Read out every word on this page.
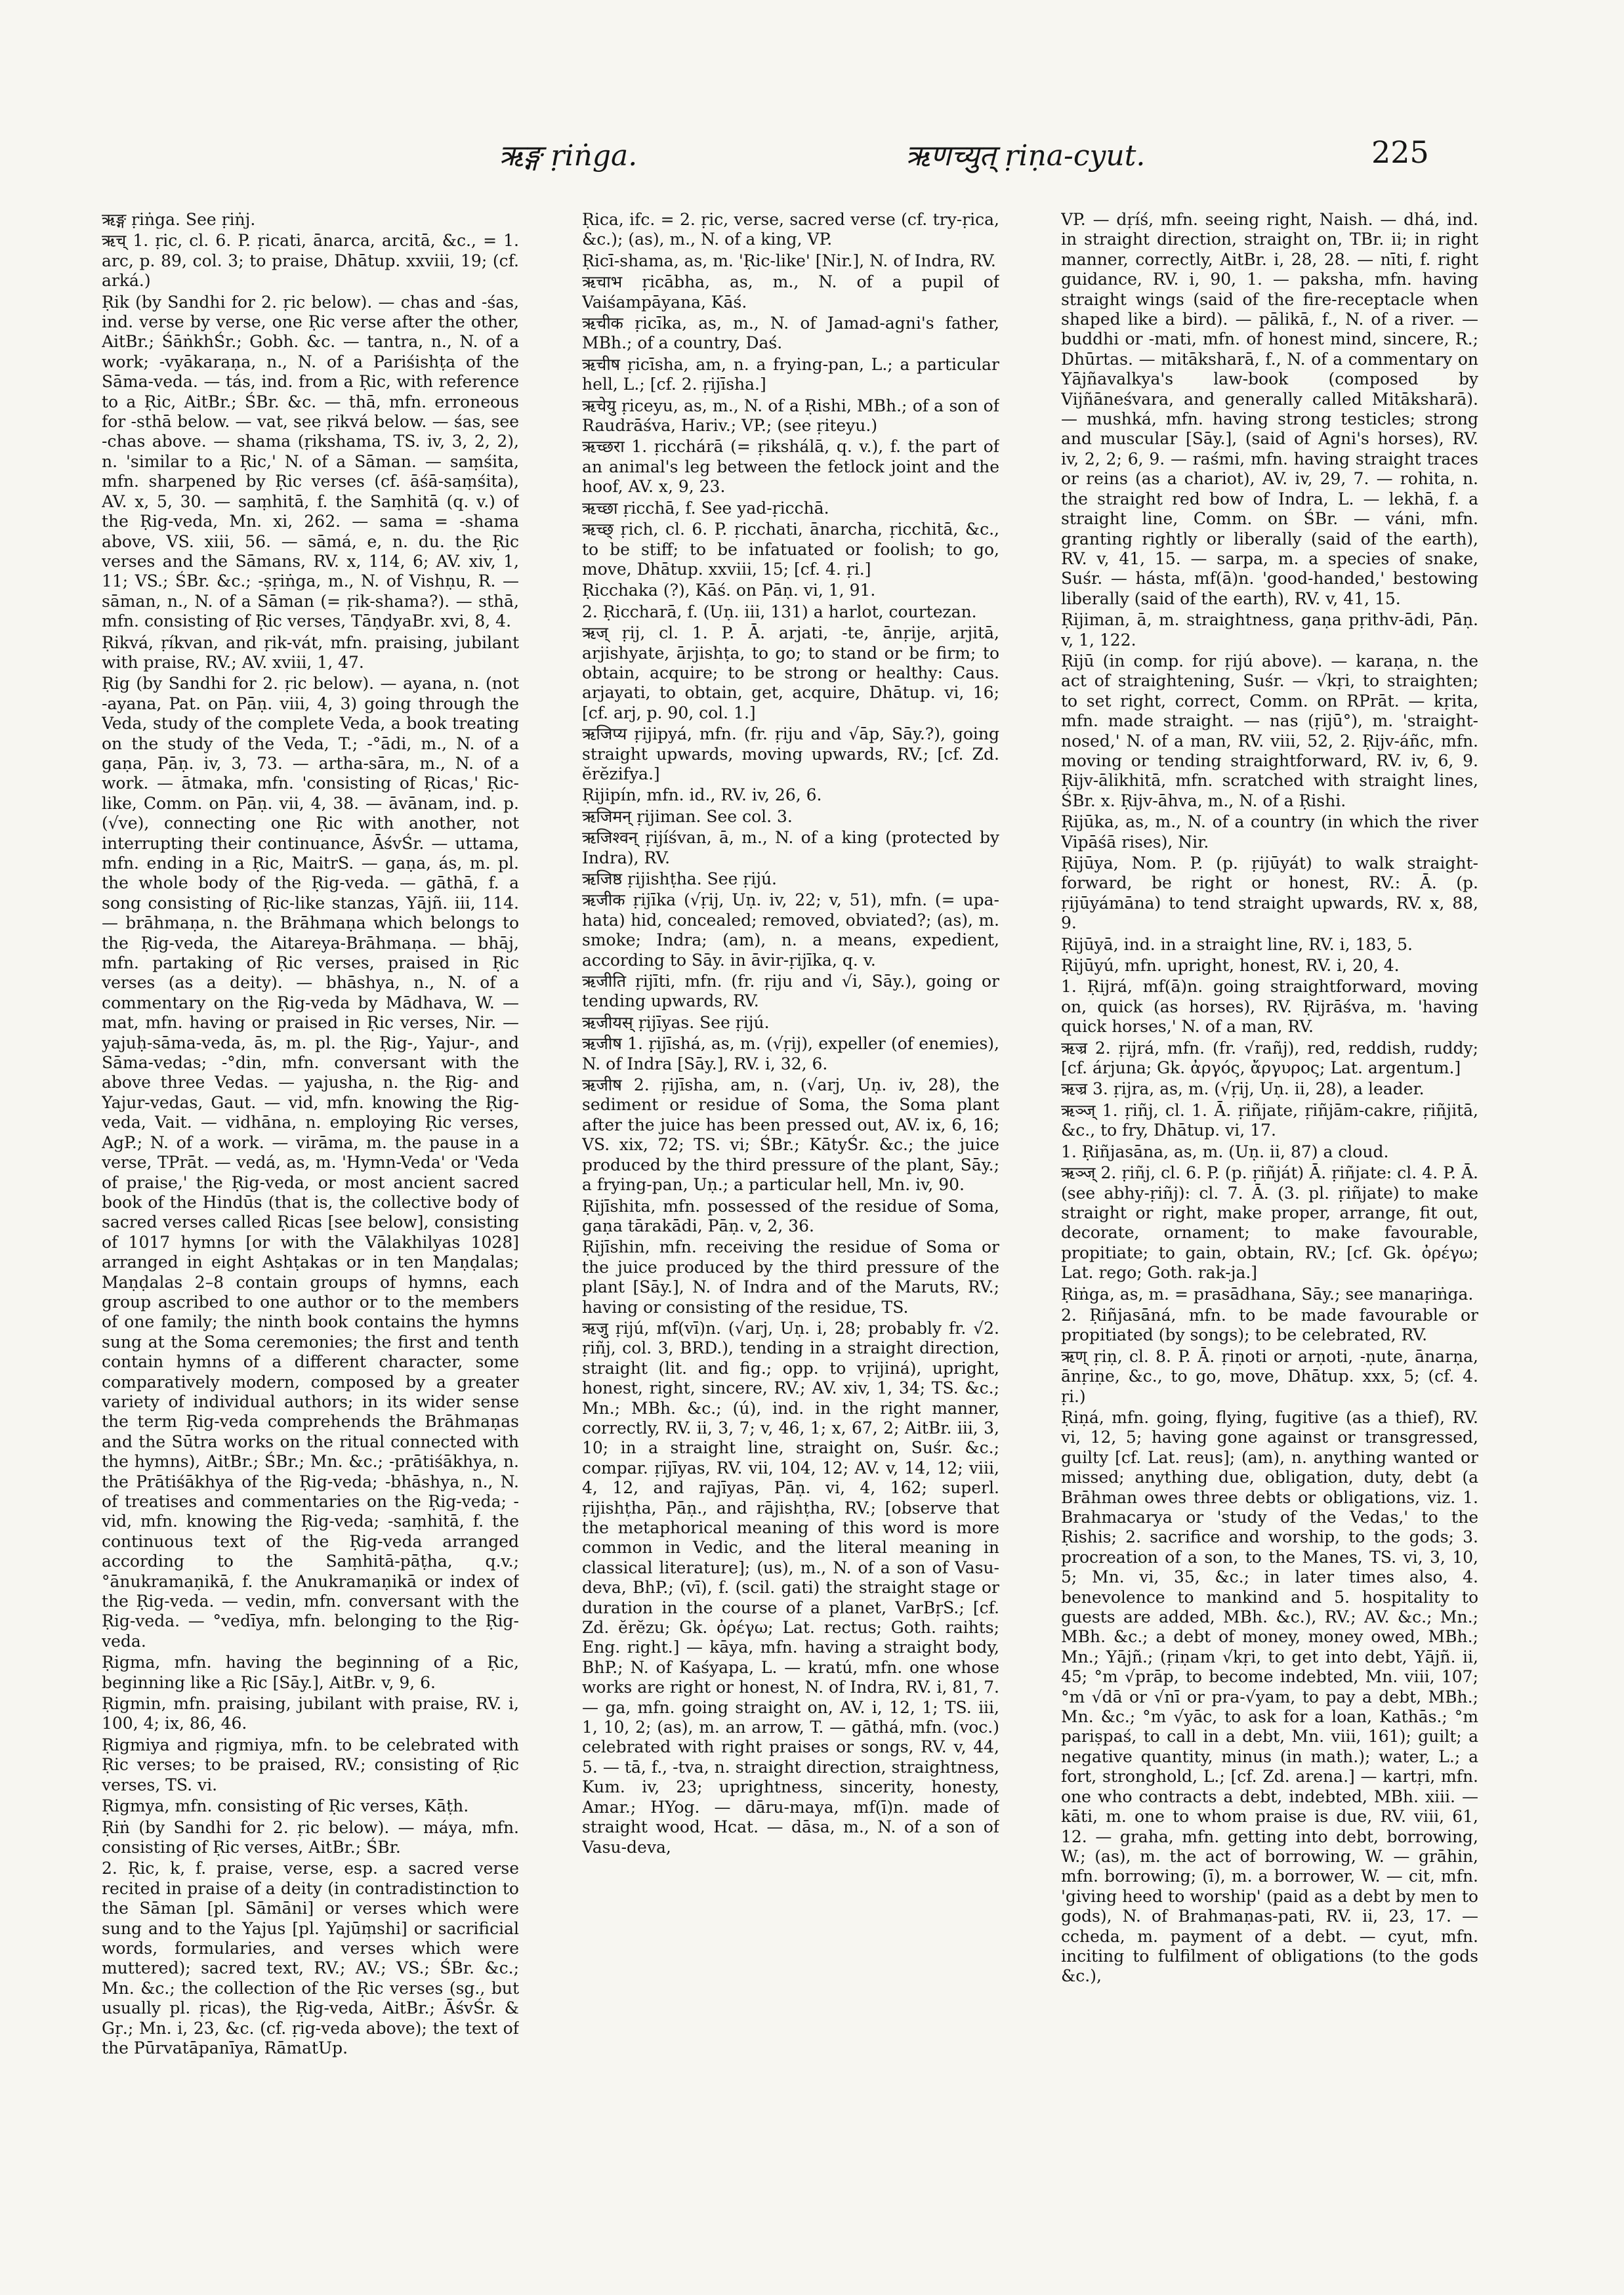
ऋङ्ग ṛiṅga.	ऋणच्युत् ṛiṇa-cyut.	225

ऋङ्ग ṛiṅga. See ṛiṅj.

ऋच् 1. ṛic, cl. 6. P. ṛicati, ānarca, arcitā, &c., = 1. arc, p. 89, col. 3; to praise, Dhātup. xxviii, 19; (cf. arká.)

Ṛik (by Sandhi for 2. ṛic below). — chas and -śas, ind. verse by verse, one Ṛic verse after the other, AitBr.; ŚāṅkhŚr.; Gobh. &c. — tantra, n., N. of a work; -vyākaraṇa, n., N. of a Pariśishṭa of the Sāma-veda. — tás, ind. from a Ṛic, with reference to a Ṛic, AitBr.; ŚBr. &c. — thā, mfn. erroneous for -sthā below. — vat, see ṛikvá below. — śas, see -chas above. — shama (ṛikshama, TS. iv, 3, 2, 2), n. 'similar to a Ṛic,' N. of a Sāman. — saṃśita, mfn. sharpened by Ṛic verses (cf. āśā-saṃśita), AV. x, 5, 30. — saṃhitā, f. the Saṃhitā (q. v.) of the Ṛig-veda, Mn. xi, 262. — sama = -shama above, VS. xiii, 56. — sāmá, e, n. du. the Ṛic verses and the Sāmans, RV. x, 114, 6; AV. xiv, 1, 11; VS.; ŚBr. &c.; -ṣṛiṅga, m., N. of Vishṇu, R. — sāman, n., N. of a Sāman (= ṛik-shama?). — sthā, mfn. consisting of Ṛic verses, TāṇḍyaBr. xvi, 8, 4.

Ṛikvá, ṛíkvan, and ṛik-vát, mfn. praising, jubilant with praise, RV.; AV. xviii, 1, 47.

Ṛig (by Sandhi for 2. ṛic below). — ayana, n. (not -ayana, Pat. on Pāṇ. viii, 4, 3) going through the Veda, study of the complete Veda, a book treating on the study of the Veda, T.; -°ādi, m., N. of a gaṇa, Pāṇ. iv, 3, 73. — artha-sāra, m., N. of a work. — ātmaka, mfn. 'consisting of Ṛicas,' Ṛic-like, Comm. on Pāṇ. vii, 4, 38. — āvānam, ind. p. (√ve), connecting one Ṛic with another, not interrupting their continuance, ĀśvŚr. — uttama, mfn. ending in a Ṛic, MaitrS. — gaṇa, ás, m. pl. the whole body of the Ṛig-veda. — gāthā, f. a song consisting of Ṛic-like stanzas, Yājñ. iii, 114. — brāhmaṇa, n. the Brāhmaṇa which belongs to the Ṛig-veda, the Aitareya-Brāhmaṇa. — bhāj, mfn. partaking of Ṛic verses, praised in Ṛic verses (as a deity). — bhāshya, n., N. of a commentary on the Ṛig-veda by Mādhava, W. — mat, mfn. having or praised in Ṛic verses, Nir. — yajuḥ-sāma-veda, ās, m. pl. the Ṛig-, Yajur-, and Sāma-vedas; -°din, mfn. conversant with the above three Vedas. — yajusha, n. the Ṛig- and Yajur-vedas, Gaut. — vid, mfn. knowing the Ṛig-veda, Vait. — vidhāna, n. employing Ṛic verses, AgP.; N. of a work. — virāma, m. the pause in a verse, TPrāt. — vedá, as, m. 'Hymn-Veda' or 'Veda of praise,' the Ṛig-veda, or most ancient sacred book of the Hindūs (that is, the collective body of sacred verses called Ṛicas [see below], consisting of 1017 hymns [or with the Vālakhilyas 1028] arranged in eight Ashṭakas or in ten Maṇḍalas; Maṇḍalas 2–8 contain groups of hymns, each group ascribed to one author or to the members of one family; the ninth book contains the hymns sung at the Soma ceremonies; the first and tenth contain hymns of a different character, some comparatively modern, composed by a greater variety of individual authors; in its wider sense the term Ṛig-veda comprehends the Brāhmaṇas and the Sūtra works on the ritual connected with the hymns), AitBr.; ŚBr.; Mn. &c.; -prātiśākhya, n. the Prātiśākhya of the Ṛig-veda; -bhāshya, n., N. of treatises and commentaries on the Ṛig-veda; -vid, mfn. knowing the Ṛig-veda; -saṃhitā, f. the continuous text of the Ṛig-veda arranged according to the Saṃhitā-pāṭha, q.v.; °ānukramaṇikā, f. the Anukramaṇikā or index of the Ṛig-veda. — vedin, mfn. conversant with the Ṛig-veda. — °vedīya, mfn. belonging to the Ṛig-veda.

Ṛigma, mfn. having the beginning of a Ṛic, beginning like a Ṛic [Sāy.], AitBr. v, 9, 6.

Ṛigmin, mfn. praising, jubilant with praise, RV. i, 100, 4; ix, 86, 46.

Ṛigmiya and ṛigmiya, mfn. to be celebrated with Ṛic verses; to be praised, RV.; consisting of Ṛic verses, TS. vi.

Ṛigmya, mfn. consisting of Ṛic verses, Kāṭh.

Ṛiṅ (by Sandhi for 2. ṛic below). — máya, mfn. consisting of Ṛic verses, AitBr.; ŚBr.

2. Ṛic, k, f. praise, verse, esp. a sacred verse recited in praise of a deity (in contradistinction to the Sāman [pl. Sāmāni] or verses which were sung and to the Yajus [pl. Yajūṃshi] or sacrificial words, formularies, and verses which were muttered); sacred text, RV.; AV.; VS.; ŚBr. &c.; Mn. &c.; the collection of the Ṛic verses (sg., but usually pl. ṛicas), the Ṛig-veda, AitBr.; ĀśvŚr. & Gṛ.; Mn. i, 23, &c. (cf. ṛig-veda above); the text of the Pūrvatāpanīya, RāmatUp.

Ṛica, ifc. = 2. ṛic, verse, sacred verse (cf. try-ṛica, &c.); (as), m., N. of a king, VP.

Ṛicī-shama, as, m. 'Ṛic-like' [Nir.], N. of Indra, RV.

ऋचाभ ṛicābha, as, m., N. of a pupil of Vaiśampāyana, Kāś.

ऋचीक ṛicīka, as, m., N. of Jamad-agni's father, MBh.; of a country, Daś.

ऋचीष ṛicīsha, am, n. a frying-pan, L.; a particular hell, L.; [cf. 2. ṛijīsha.]

ऋचेयु ṛiceyu, as, m., N. of a Ṛishi, MBh.; of a son of Raudrāśva, Hariv.; VP.; (see ṛiteyu.)

ऋच्छरा 1. ṛicchárā (= ṛikshálā, q. v.), f. the part of an animal's leg between the fetlock joint and the hoof, AV. x, 9, 23.

ऋच्छा ṛicchā, f. See yad-ṛicchā.

ऋच्छ् ṛich, cl. 6. P. ṛicchati, ānarcha, ṛicchitā, &c., to be stiff; to be infatuated or foolish; to go, move, Dhātup. xxviii, 15; [cf. 4. ṛi.]

Ṛicchaka (?), Kāś. on Pāṇ. vi, 1, 91.

2. Ṛiccharā, f. (Uṇ. iii, 131) a harlot, courtezan.

ऋज् ṛij, cl. 1. P. Ā. arjati, -te, ānṛije, arjitā, arjishyate, ārjishṭa, to go; to stand or be firm; to obtain, acquire; to be strong or healthy: Caus. arjayati, to obtain, get, acquire, Dhātup. vi, 16; [cf. arj, p. 90, col. 1.]

ऋजिप्य ṛijipyá, mfn. (fr. ṛiju and √āp, Sāy.?), going straight upwards, moving upwards, RV.; [cf. Zd. ĕrĕzifya.]

Ṛijipín, mfn. id., RV. iv, 26, 6.

ऋजिमन् ṛijiman. See col. 3.

ऋजिश्वन् ṛijíśvan, ā, m., N. of a king (protected by Indra), RV.

ऋजिष्ठ ṛijishṭha. See ṛijú.

ऋजीक ṛijīka (√ṛij, Uṇ. iv, 22; v, 51), mfn. (= upa-hata) hid, concealed; removed, obviated?; (as), m. smoke; Indra; (am), n. a means, expedient, according to Sāy. in āvir-ṛijīka, q. v.

ऋजीति ṛijīti, mfn. (fr. ṛiju and √i, Sāy.), going or tending upwards, RV.

ऋजीयस् ṛijīyas. See ṛijú.

ऋजीष 1. ṛijīshá, as, m. (√ṛij), expeller (of enemies), N. of Indra [Sāy.], RV. i, 32, 6.

ऋजीष 2. ṛijīsha, am, n. (√arj, Uṇ. iv, 28), the sediment or residue of Soma, the Soma plant after the juice has been pressed out, AV. ix, 6, 16; VS. xix, 72; TS. vi; ŚBr.; KātyŚr. &c.; the juice produced by the third pressure of the plant, Sāy.; a frying-pan, Uṇ.; a particular hell, Mn. iv, 90.

Ṛijīshita, mfn. possessed of the residue of Soma, gaṇa tārakādi, Pāṇ. v, 2, 36.

Ṛijīshin, mfn. receiving the residue of Soma or the juice produced by the third pressure of the plant [Sāy.], N. of Indra and of the Maruts, RV.; having or consisting of the residue, TS.

ऋजु ṛijú, mf(vī)n. (√arj, Uṇ. i, 28; probably fr. √2. ṛiñj, col. 3, BRD.), tending in a straight direction, straight (lit. and fig.; opp. to vṛijiná), upright, honest, right, sincere, RV.; AV. xiv, 1, 34; TS. &c.; Mn.; MBh. &c.; (ú), ind. in the right manner, correctly, RV. ii, 3, 7; v, 46, 1; x, 67, 2; AitBr. iii, 3, 10; in a straight line, straight on, Suśr. &c.; compar. ṛijīyas, RV. vii, 104, 12; AV. v, 14, 12; viii, 4, 12, and rajīyas, Pāṇ. vi, 4, 162; superl. ṛijishṭha, Pāṇ., and rājishṭha, RV.; [observe that the metaphorical meaning of this word is more common in Vedic, and the literal meaning in classical literature]; (us), m., N. of a son of Vasu-deva, BhP.; (vī), f. (scil. gati) the straight stage or duration in the course of a planet, VarBṛS.; [cf. Zd. ĕrĕzu; Gk. ὀρέγω; Lat. rectus; Goth. raihts; Eng. right.] — kāya, mfn. having a straight body, BhP.; N. of Kaśyapa, L. — kratú, mfn. one whose works are right or honest, N. of Indra, RV. i, 81, 7. — ga, mfn. going straight on, AV. i, 12, 1; TS. iii, 1, 10, 2; (as), m. an arrow, T. — gāthá, mfn. (voc.) celebrated with right praises or songs, RV. v, 44, 5. — tā, f., -tva, n. straight direction, straightness, Kum. iv, 23; uprightness, sincerity, honesty, Amar.; HYog. — dāru-maya, mf(ī)n. made of straight wood, Hcat. — dāsa, m., N. of a son of Vasu-deva,

VP. — dṛíś, mfn. seeing right, Naish. — dhá, ind. in straight direction, straight on, TBr. ii; in right manner, correctly, AitBr. i, 28, 28. — nīti, f. right guidance, RV. i, 90, 1. — paksha, mfn. having straight wings (said of the fire-receptacle when shaped like a bird). — pālikā, f., N. of a river. — buddhi or -mati, mfn. of honest mind, sincere, R.; Dhūrtas. — mitāksharā, f., N. of a commentary on Yājñavalkya's law-book (composed by Vijñāneśvara, and generally called Mitāksharā). — mushká, mfn. having strong testicles; strong and muscular [Sāy.], (said of Agni's horses), RV. iv, 2, 2; 6, 9. — raśmi, mfn. having straight traces or reins (as a chariot), AV. iv, 29, 7. — rohita, n. the straight red bow of Indra, L. — lekhā, f. a straight line, Comm. on ŚBr. — váni, mfn. granting rightly or liberally (said of the earth), RV. v, 41, 15. — sarpa, m. a species of snake, Suśr. — hásta, mf(ā)n. 'good-handed,' bestowing liberally (said of the earth), RV. v, 41, 15.

Ṛijiman, ā, m. straightness, gaṇa pṛithv-ādi, Pāṇ. v, 1, 122.

Ṛijū (in comp. for ṛijú above). — karaṇa, n. the act of straightening, Suśr. — √kṛi, to straighten; to set right, correct, Comm. on RPrāt. — kṛita, mfn. made straight. — nas (ṛijū°), m. 'straight-nosed,' N. of a man, RV. viii, 52, 2. Ṛijv-áñc, mfn. moving or tending straightforward, RV. iv, 6, 9. Ṛijv-ālikhitā, mfn. scratched with straight lines, ŚBr. x. Ṛijv-āhva, m., N. of a Ṛishi.

Ṛijūka, as, m., N. of a country (in which the river Vipāśā rises), Nir.

Ṛijūya, Nom. P. (p. ṛijūyát) to walk straight-forward, be right or honest, RV.: Ā. (p. ṛijūyámāna) to tend straight upwards, RV. x, 88, 9.

Ṛijūyā, ind. in a straight line, RV. i, 183, 5.

Ṛijūyú, mfn. upright, honest, RV. i, 20, 4.

1. Ṛijrá, mf(ā)n. going straightforward, moving on, quick (as horses), RV. Ṛijrāśva, m. 'having quick horses,' N. of a man, RV.

ऋज्र 2. ṛijrá, mfn. (fr. √rañj), red, reddish, ruddy; [cf. árjuna; Gk. ἀργός, ἄργυρος; Lat. argentum.]

ऋज्र 3. ṛijra, as, m. (√ṛij, Uṇ. ii, 28), a leader.

ऋञ्ज् 1. ṛiñj, cl. 1. Ā. ṛiñjate, ṛiñjām-cakre, ṛiñjitā, &c., to fry, Dhātup. vi, 17.

1. Ṛiñjasāna, as, m. (Uṇ. ii, 87) a cloud.

ऋञ्ज् 2. ṛiñj, cl. 6. P. (p. ṛiñját) Ā. ṛiñjate: cl. 4. P. Ā. (see abhy-ṛiñj): cl. 7. Ā. (3. pl. ṛiñjate) to make straight or right, make proper, arrange, fit out, decorate, ornament; to make favourable, propitiate; to gain, obtain, RV.; [cf. Gk. ὀρέγω; Lat. rego; Goth. rak-ja.]

Ṛiṅga, as, m. = prasādhana, Sāy.; see manaṛiṅga.

2. Ṛiñjasāná, mfn. to be made favourable or propitiated (by songs); to be celebrated, RV.

ऋण् ṛiṇ, cl. 8. P. Ā. ṛiṇoti or arṇoti, -ṇute, ānarṇa, ānṛiṇe, &c., to go, move, Dhātup. xxx, 5; (cf. 4. ṛi.)

Ṛiṇá, mfn. going, flying, fugitive (as a thief), RV. vi, 12, 5; having gone against or transgressed, guilty [cf. Lat. reus]; (am), n. anything wanted or missed; anything due, obligation, duty, debt (a Brāhman owes three debts or obligations, viz. 1. Brahmacarya or 'study of the Vedas,' to the Ṛishis; 2. sacrifice and worship, to the gods; 3. procreation of a son, to the Manes, TS. vi, 3, 10, 5; Mn. vi, 35, &c.; in later times also, 4. benevolence to mankind and 5. hospitality to guests are added, MBh. &c.), RV.; AV. &c.; Mn.; MBh. &c.; a debt of money, money owed, MBh.; Mn.; Yājñ.; (ṛiṇam √kṛi, to get into debt, Yājñ. ii, 45; °m √prāp, to become indebted, Mn. viii, 107; °m √dā or √nī or pra-√yam, to pay a debt, MBh.; Mn. &c.; °m √yāc, to ask for a loan, Kathās.; °m pariṣpaś, to call in a debt, Mn. viii, 161); guilt; a negative quantity, minus (in math.); water, L.; a fort, stronghold, L.; [cf. Zd. arena.] — kartṛi, mfn. one who contracts a debt, indebted, MBh. xiii. — kāti, m. one to whom praise is due, RV. viii, 61, 12. — graha, mfn. getting into debt, borrowing, W.; (as), m. the act of borrowing, W. — grāhin, mfn. borrowing; (ī), m. a borrower, W. — cit, mfn. 'giving heed to worship' (paid as a debt by men to gods), N. of Brahmaṇas-pati, RV. ii, 23, 17. — ccheda, m. payment of a debt. — cyut, mfn. inciting to fulfilment of obligations (to the gods &c.),
